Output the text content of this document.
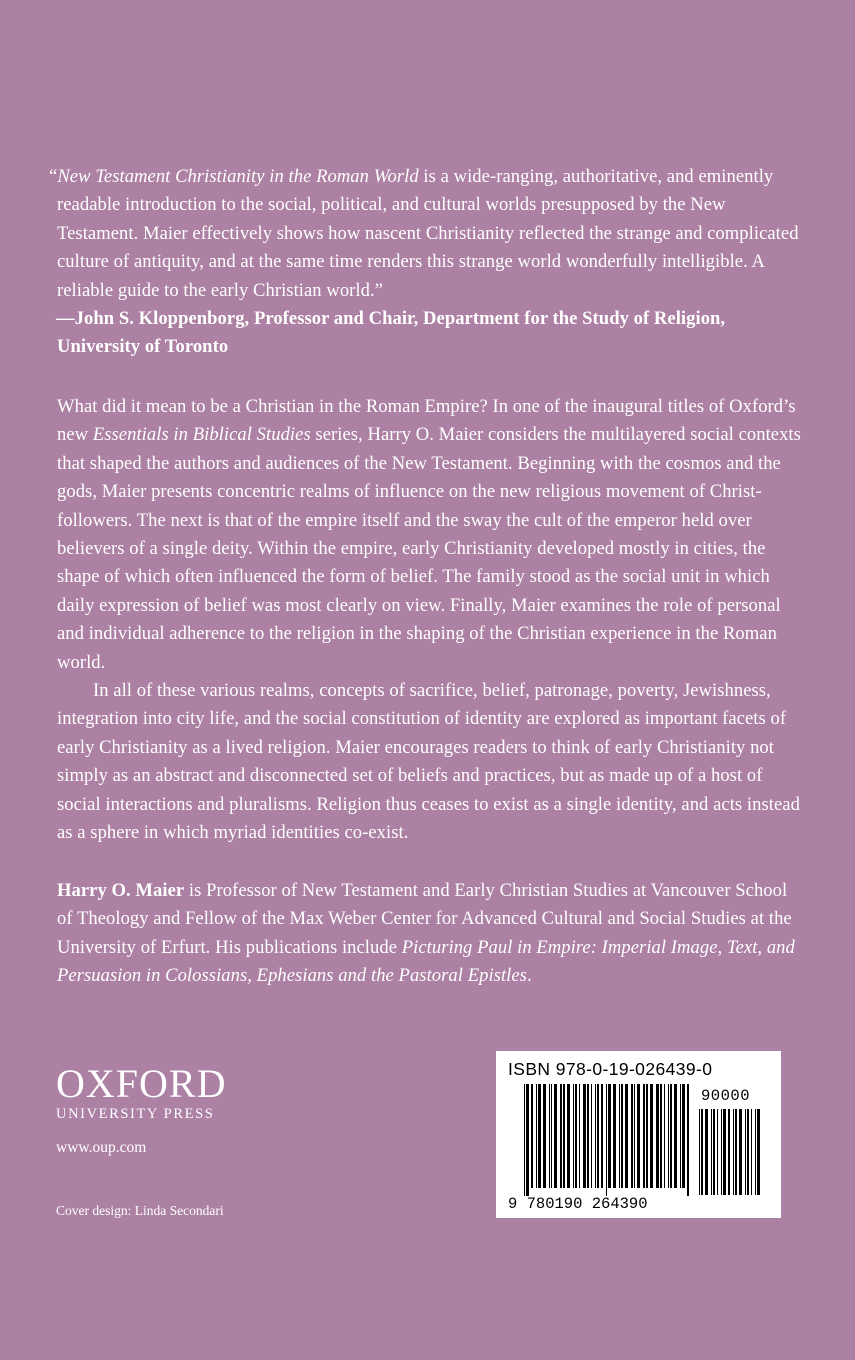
“New Testament Christianity in the Roman World is a wide-ranging, authoritative, and eminently readable introduction to the social, political, and cultural worlds presupposed by the New Testament. Maier effectively shows how nascent Christianity reflected the strange and complicated culture of antiquity, and at the same time renders this strange world wonderfully intelligible. A reliable guide to the early Christian world.”

—John S. Kloppenborg, Professor and Chair, Department for the Study of Religion,

University of Toronto

What did it mean to be a Christian in the Roman Empire? In one of the inaugural titles of Oxford’s new Essentials in Biblical Studies series, Harry O. Maier considers the multilayered social contexts that shaped the authors and audiences of the New Testament. Beginning with the cosmos and the gods, Maier presents concentric realms of influence on the new religious movement of Christ-followers. The next is that of the empire itself and the sway the cult of the emperor held over believers of a single deity. Within the empire, early Christianity developed mostly in cities, the shape of which often influenced the form of belief. The family stood as the social unit in which daily expression of belief was most clearly on view. Finally, Maier examines the role of personal and individual adherence to the religion in the shaping of the Christian experience in the Roman world.

In all of these various realms, concepts of sacrifice, belief, patronage, poverty, Jewishness, integration into city life, and the social constitution of identity are explored as important facets of early Christianity as a lived religion. Maier encourages readers to think of early Christianity not simply as an abstract and disconnected set of beliefs and practices, but as made up of a host of social interactions and pluralisms. Religion thus ceases to exist as a single identity, and acts instead as a sphere in which myriad identities co-exist.

Harry O. Maier is Professor of New Testament and Early Christian Studies at Vancouver School of Theology and Fellow of the Max Weber Center for Advanced Cultural and Social Studies at the University of Erfurt. His publications include Picturing Paul in Empire: Imperial Image, Text, and Persuasion in Colossians, Ephesians and the Pastoral Epistles.

OXFORD
UNIVERSITY PRESS
www.oup.com
Cover design: Linda Secondari
ISBN 978-0-19-026439-0
90000
9 780190 264390
